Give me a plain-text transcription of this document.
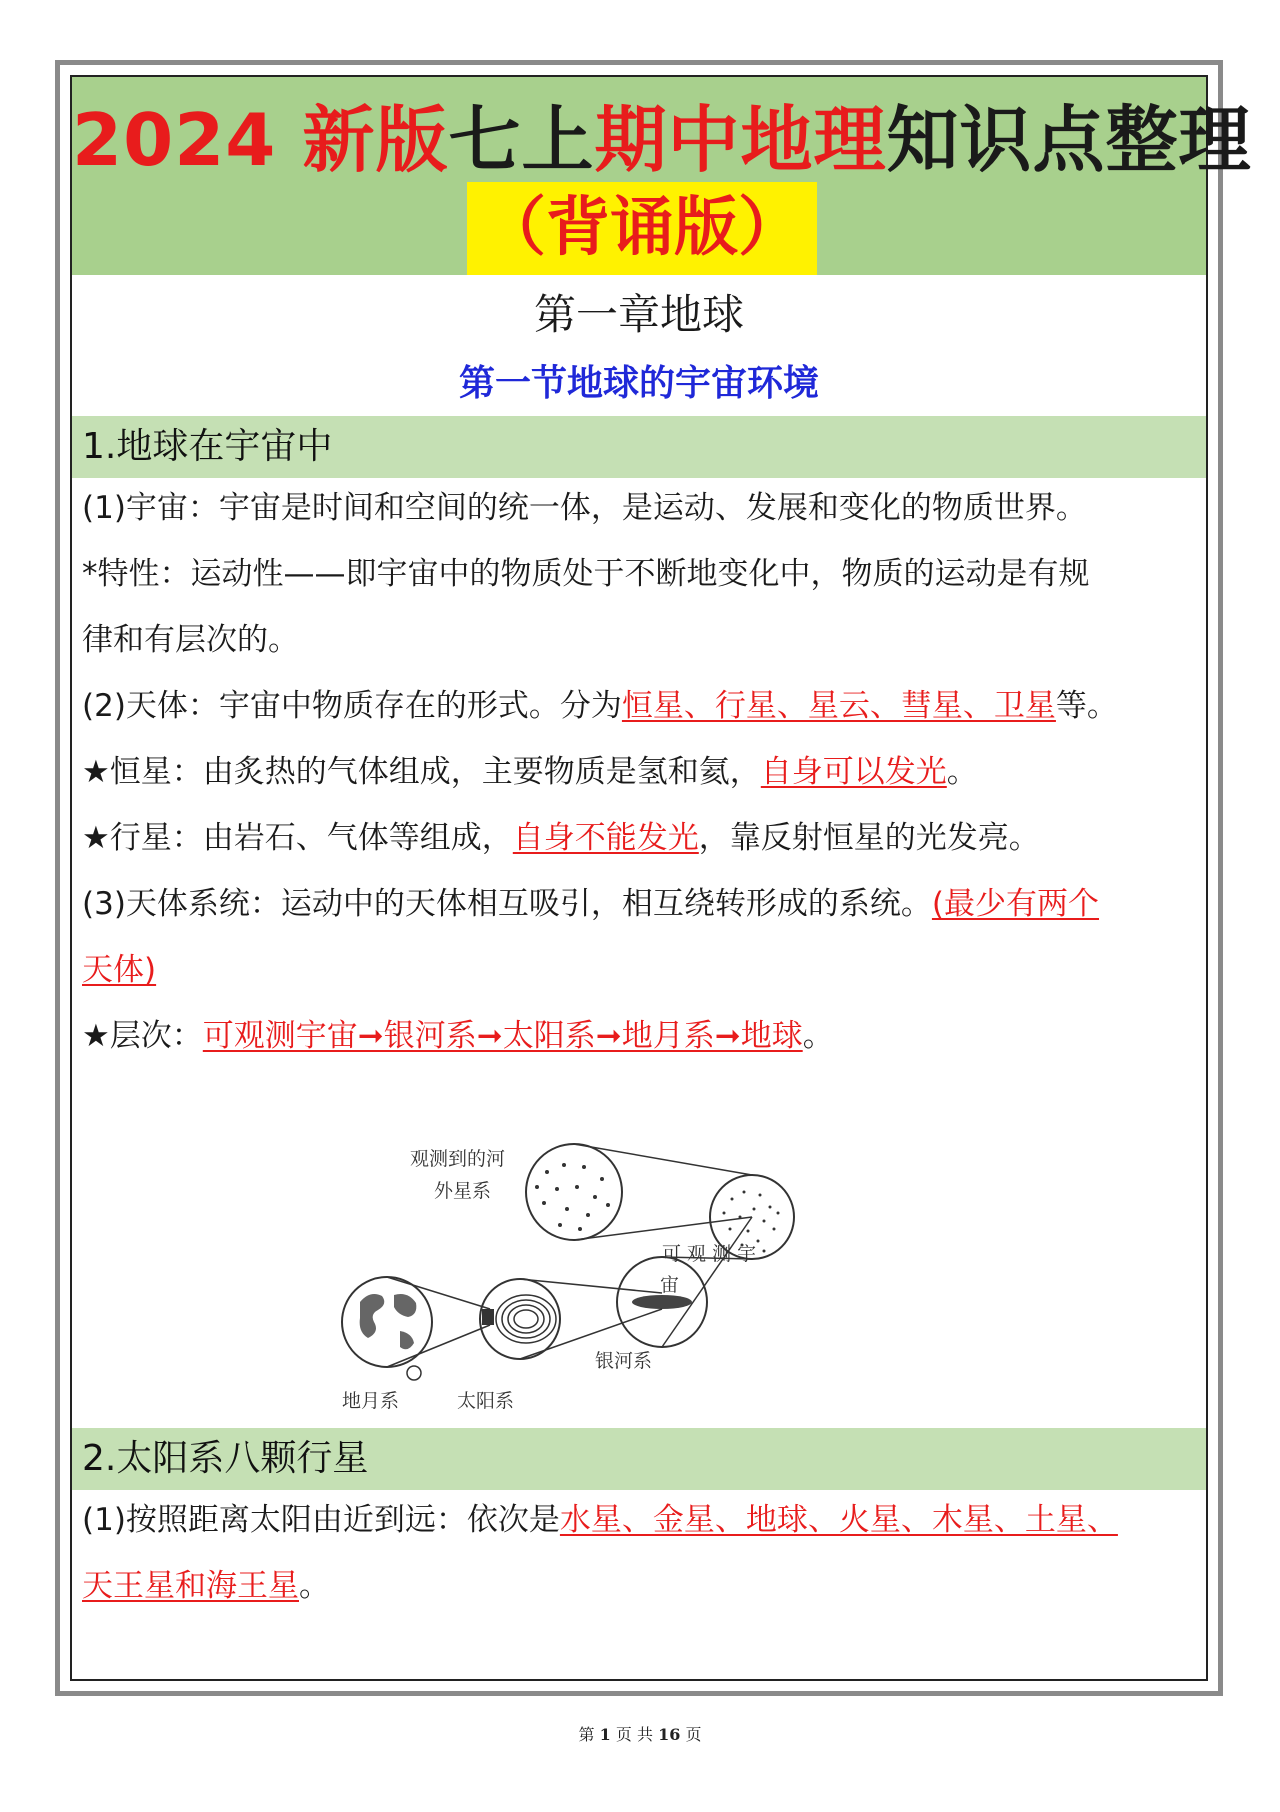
2024 新版七上期中地理知识点整理
（背诵版）
第一章地球
第一节地球的宇宙环境
1.地球在宇宙中
(1)宇宙：宇宙是时间和空间的统一体，是运动、发展和变化的物质世界。
*特性：运动性——即宇宙中的物质处于不断地变化中，物质的运动是有规
律和有层次的。
(2)天体：宇宙中物质存在的形式。分为恒星、行星、星云、彗星、卫星等。
★恒星：由炙热的气体组成，主要物质是氢和氦，自身可以发光。
★行星：由岩石、气体等组成，自身不能发光，靠反射恒星的光发亮。
(3)天体系统：运动中的天体相互吸引，相互绕转形成的系统。(最少有两个
天体)
★层次：可观测宇宙➞银河系➞太阳系➞地月系➞地球。
观测到的河
外星系
可 观 测 宇
宙
银河系
地月系	太阳系
2.太阳系八颗行星
(1)按照距离太阳由近到远：依次是水星、金星、地球、火星、木星、土星、
天王星和海王星。
第 1 页 共 16 页
